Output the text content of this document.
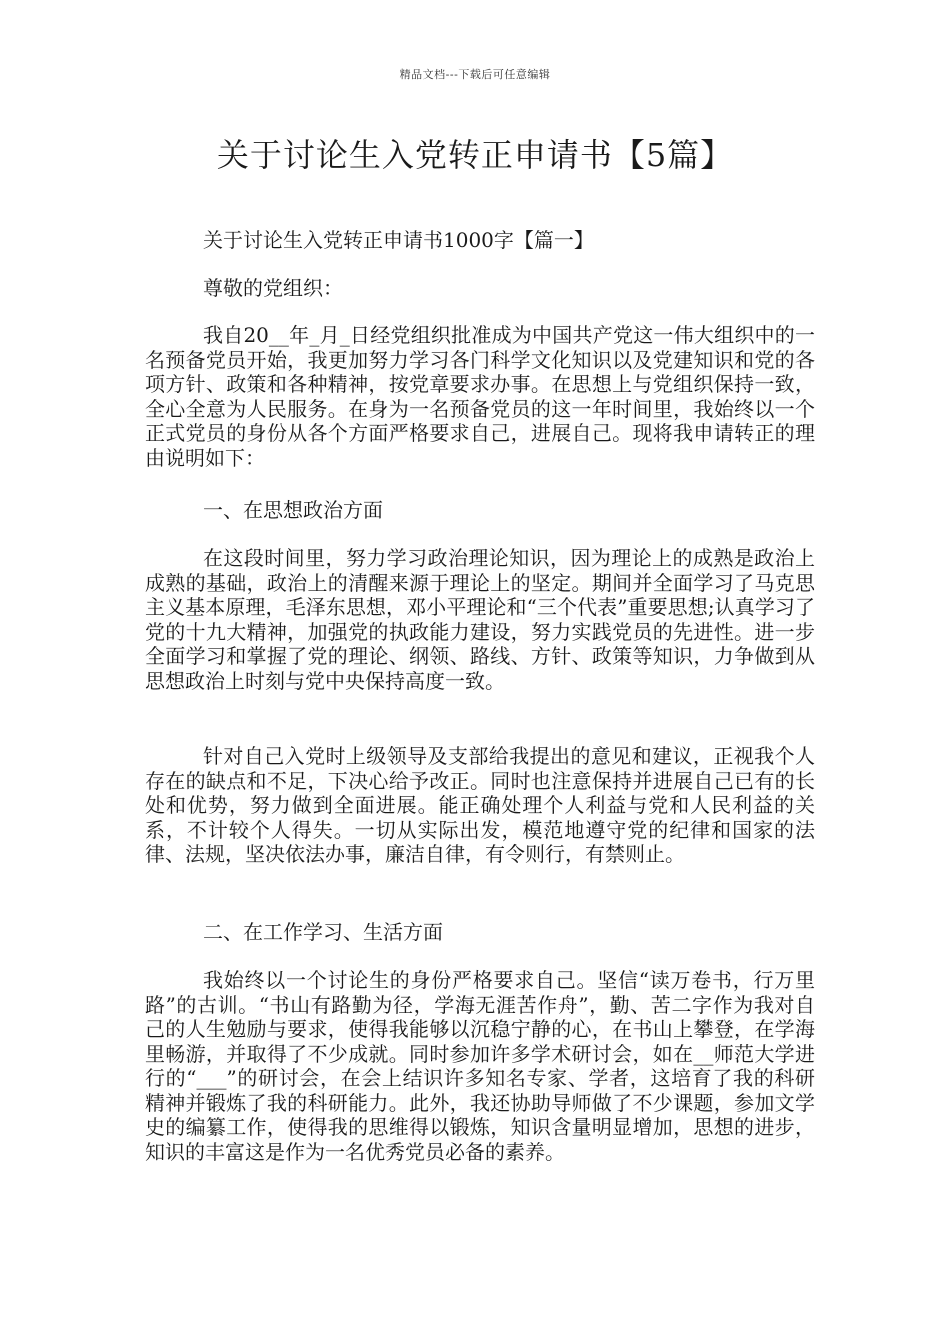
精品文档---下载后可任意编辑
关于讨论生入党转正申请书【5篇】

关于讨论生入党转正申请书1000字【篇一】

尊敬的党组织：

我自20__年_月_日经党组织批准成为中国共产党这一伟大组织中的一名预备党员开始，我更加努力学习各门科学文化知识以及党建知识和党的各项方针、政策和各种精神，按党章要求办事。在思想上与党组织保持一致，全心全意为人民服务。在身为一名预备党员的这一年时间里，我始终以一个正式党员的身份从各个方面严格要求自己，进展自己。现将我申请转正的理由说明如下：

一、在思想政治方面

在这段时间里，努力学习政治理论知识，因为理论上的成熟是政治上成熟的基础，政治上的清醒来源于理论上的坚定。期间并全面学习了马克思主义基本原理，毛泽东思想，邓小平理论和“三个代表”重要思想;认真学习了党的十九大精神，加强党的执政能力建设，努力实践党员的先进性。进一步全面学习和掌握了党的理论、纲领、路线、方针、政策等知识，力争做到从思想政治上时刻与党中央保持高度一致。

针对自己入党时上级领导及支部给我提出的意见和建议，正视我个人存在的缺点和不足，下决心给予改正。同时也注意保持并进展自己已有的长处和优势，努力做到全面进展。能正确处理个人利益与党和人民利益的关系，不计较个人得失。一切从实际出发，模范地遵守党的纪律和国家的法律、法规，坚决依法办事，廉洁自律，有令则行，有禁则止。

二、在工作学习、生活方面

我始终以一个讨论生的身份严格要求自己。坚信“读万卷书，行万里路”的古训。“书山有路勤为径，学海无涯苦作舟”，勤、苦二字作为我对自己的人生勉励与要求，使得我能够以沉稳宁静的心，在书山上攀登，在学海里畅游，并取得了不少成就。同时参加许多学术研讨会，如在__师范大学进行的“___”的研讨会，在会上结识许多知名专家、学者，这培育了我的科研精神并锻炼了我的科研能力。此外，我还协助导师做了不少课题，参加文学史的编纂工作，使得我的思维得以锻炼，知识含量明显增加，思想的进步，知识的丰富这是作为一名优秀党员必备的素养。
